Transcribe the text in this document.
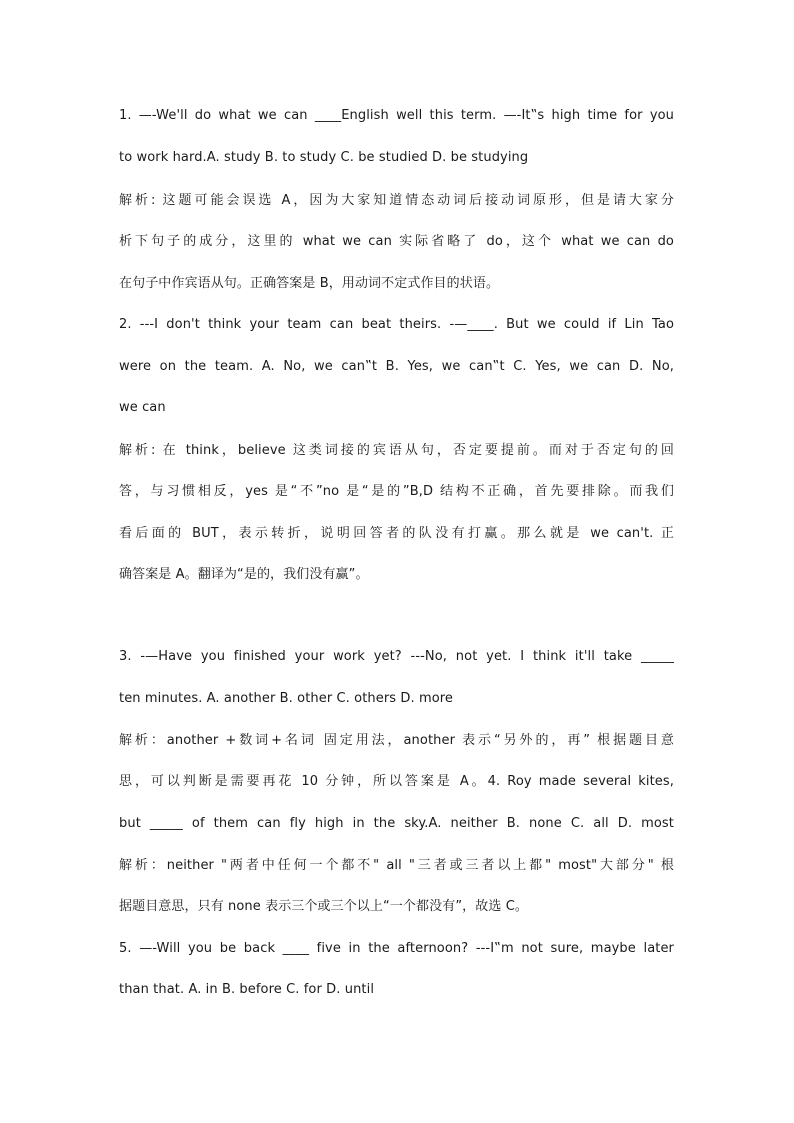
1. —-We'll do what we can ____English well this term. —-It‟s high time for you
to work hard.A. study B. to study C. be studied D. be studying
解析: 这题可能会误选 A，因为大家知道情态动词后接动词原形，但是请大家分
析下句子的成分，这里的 what we can 实际省略了 do，这个 what we can do
在句子中作宾语从句。正确答案是 B，用动词不定式作目的状语。
2. ---I don't think your team can beat theirs. -—____. But we could if Lin Tao
were on the team. A. No, we can‟t B. Yes, we can‟t C. Yes, we can D. No,
we can
解析: 在 think，believe 这类词接的宾语从句，否定要提前。而对于否定句的回
答，与习惯相反，yes 是“不”no 是“是的”B,D 结构不正确，首先要排除。而我们
看后面的 BUT，表示转折，说明回答者的队没有打赢。那么就是 we can't. 正
确答案是 A。翻译为“是的，我们没有赢”。
3. -—Have you finished your work yet? ---No, not yet. I think it'll take _____
ten minutes. A. another B. other C. others D. more
解析：another +数词+名词 固定用法，another 表示“另外的，再” 根据题目意
思，可以判断是需要再花 10 分钟，所以答案是 A。4. Roy made several kites,
but _____ of them can fly high in the sky.A. neither B. none C. all D. most
解析：neither "两者中任何一个都不" all "三者或三者以上都" most"大部分" 根
据题目意思，只有 none 表示三个或三个以上“一个都没有”，故选 C。
5. —-Will you be back ____ five in the afternoon? ---I‟m not sure, maybe later
than that. A. in B. before C. for D. until
